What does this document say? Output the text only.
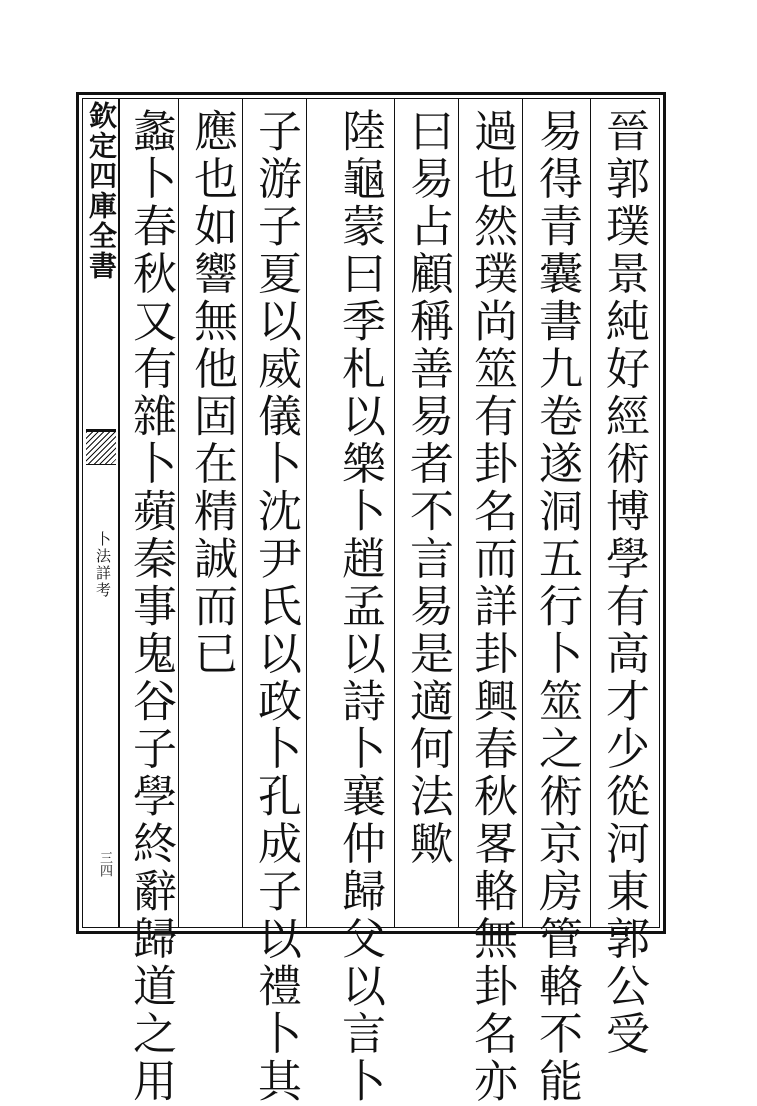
欽定四庫全書
卜法詳考
三四	晉郭璞景純好經術博學有高才少從河東郭公受
易得青囊書九卷遂洞五行卜筮之術京房管輅不能
過也然璞尚筮有卦名而詳卦興春秋畧輅無卦名亦
曰易占顧稱善易者不言易是適何法歟
陸龜蒙曰季札以樂卜趙孟以詩卜襄仲歸父以言卜
子游子夏以威儀卜沈尹氏以政卜孔成子以禮卜其
應也如響無他固在精誠而已
蠡卜春秋又有雜卜蘋秦事鬼谷子學終辭歸道之用
